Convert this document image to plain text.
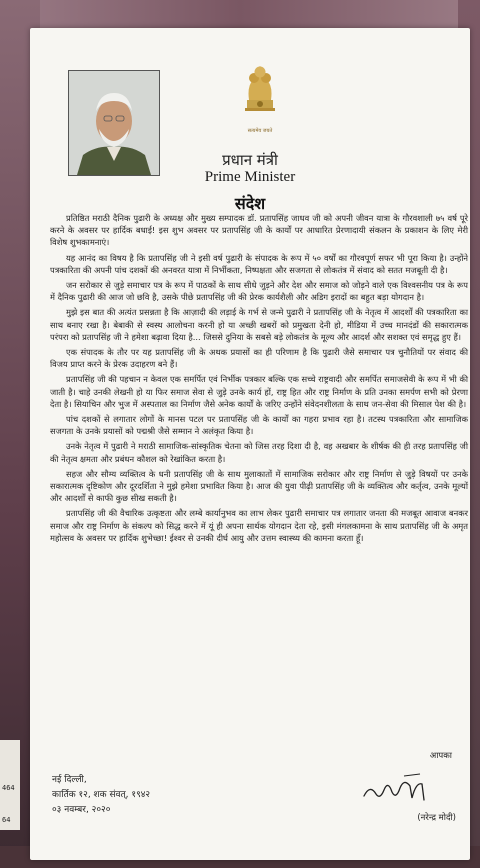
464
64
सत्यमेव जयते
प्रधान मंत्री
Prime Minister
संदेश

प्रतिष्ठित मराठी दैनिक पुढारी के अध्यक्ष और मुख्य सम्पादक डॉ. प्रतापसिंह जाधव जी को अपनी जीवन यात्रा के गौरवशाली ७५ वर्ष पूरे करने के अवसर पर हार्दिक बधाई! इस शुभ अवसर पर प्रतापसिंह जी के कार्यों पर आधारित प्रेरणादायी संकलन के प्रकाशन के लिए मेरी विशेष शुभकामनाएं।

यह आनंद का विषय है कि प्रतापसिंह जी ने इसी वर्ष पुढारी के संपादक के रूप में ५० वर्षों का गौरवपूर्ण सफर भी पूरा किया है। उन्होंने पत्रकारिता की अपनी पांच दशकों की अनवरत यात्रा में निर्भीकता, निष्पक्षता और सजगता से लोकतंत्र में संवाद को सतत मजबूती दी है।

जन सरोकार से जुड़े समाचार पत्र के रूप में पाठकों के साथ सीधे जुड़ने और देश और समाज को जोड़ने वाले एक विश्वसनीय पत्र के रूप में दैनिक पुढारी की आज जो छवि है, उसके पीछे प्रतापसिंह जी की प्रेरक कार्यशैली और अडिग इरादों का बहुत बड़ा योगदान है।

मुझे इस बात की अत्यंत प्रसन्नता है कि आज़ादी की लड़ाई के गर्भ से जन्मे पुढारी ने प्रतापसिंह जी के नेतृत्व में आदर्शों की पत्रकारिता का साथ बनाए रखा है। बेबाकी से स्वस्थ आलोचना करनी हो या अच्छी खबरों को प्रमुखता देनी हो, मीडिया में उच्च मानदंडों की सकारात्मक परंपरा को प्रतापसिंह जी ने हमेशा बढ़ावा दिया है... जिससे दुनिया के सबसे बड़े लोकतंत्र के मूल्य और आदर्श और सशक्त एवं समृद्ध हुए हैं।

एक संपादक के तौर पर यह प्रतापसिंह जी के अथक प्रयासों का ही परिणाम है कि पुढारी जैसे समाचार पत्र चुनौतियों पर संवाद की विजय प्राप्त करने के प्रेरक उदाहरण बने हैं।

प्रतापसिंह जी की पहचान न केवल एक समर्पित एवं निर्भीक पत्रकार बल्कि एक सच्चे राष्ट्रवादी और समर्पित समाजसेवी के रूप में भी की जाती है। चाहे उनकी लेखनी हो या फिर समाज सेवा से जुड़े उनके कार्य हों, राष्ट्र हित और राष्ट्र निर्माण के प्रति उनका समर्पण सभी को प्रेरणा देता है। सियाचिन और भुज में अस्पताल का निर्माण जैसे अनेक कार्यों के जरिए उन्होंने संवेदनशीलता के साथ जन-सेवा की मिसाल पेश की है।

पांच दशकों से लगातार लोगों के मानस पटल पर प्रतापसिंह जी के कार्यों का गहरा प्रभाव रहा है। तटस्थ पत्रकारिता और सामाजिक सजगता के उनके प्रयासों को पद्मश्री जैसे सम्मान ने अलंकृत किया है।

उनके नेतृत्व में पुढारी ने मराठी सामाजिक-सांस्कृतिक चेतना को जिस तरह दिशा दी है, वह अखबार के शीर्षक की ही तरह प्रतापसिंह जी की नेतृत्व क्षमता और प्रबंधन कौशल को रेखांकित करता है।

सहज और सौम्य व्यक्तित्व के धनी प्रतापसिंह जी के साथ मुलाकातों में सामाजिक सरोकार और राष्ट्र निर्माण से जुड़े विषयों पर उनके सकारात्मक दृष्टिकोण और दूरदर्शिता ने मुझे हमेशा प्रभावित किया है। आज की युवा पीढ़ी प्रतापसिंह जी के व्यक्तित्व और कर्तृत्व, उनके मूल्यों और आदर्शों से काफी कुछ सीख सकती है।

प्रतापसिंह जी की वैचारिक उत्कृष्टता और लम्बे कार्यानुभव का लाभ लेकर पुढारी समाचार पत्र लगातार जनता की मजबूत आवाज बनकर समाज और राष्ट्र निर्माण के संकल्प को सिद्ध करने में यूं ही अपना सार्थक योगदान देता रहे, इसी मंगलकामना के साथ प्रतापसिंह जी के अमृत महोत्सव के अवसर पर हार्दिक शुभेच्छा! ईश्वर से उनकी दीर्घ आयु और उत्तम स्वास्थ्य की कामना करता हूँ।

आपका
(नरेन्द्र मोदी)
नई दिल्ली,
कार्तिक १२, शक संवत्, १९४२
०३ नवम्बर, २०२०
